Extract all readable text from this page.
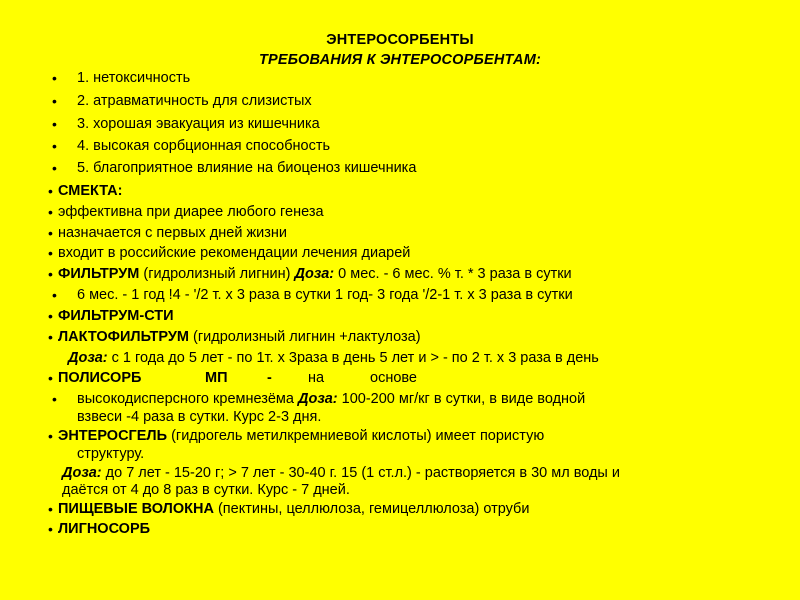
ЭНТЕРОСОРБЕНТЫ
ТРЕБОВАНИЯ К ЭНТЕРОСОРБЕНТАМ:
• 1. нетоксичность
• 2. атравматичность для слизистых
• 3. хорошая эвакуация из кишечника
• 4. высокая сорбционная способность
• 5. благоприятное влияние на биоценоз кишечника
• СМЕКТА:
• эффективна при диарее любого генеза
• назначается с первых дней жизни
• входит в российские рекомендации лечения диарей
• ФИЛЬТРУМ (гидролизный лигнин) Доза: 0 мес. - 6 мес. % т. * 3 раза в сутки
• 6 мес. - 1 год !4 - '/2 т. х 3 раза в сутки 1 год- 3 года '/2-1 т. х 3 раза в сутки
• ФИЛЬТРУМ-СТИ
• ЛАКТОФИЛЬТРУМ (гидролизный лигнин +лактулоза)
Доза: с 1 года до 5 лет - по 1т. х 3раза в день 5 лет и > - по 2 т. х 3 раза в день
• ПОЛИСОРБ	МП	- на	основе
• высокодисперсного кремнезёма Доза: 100-200 мг/кг в сутки, в виде водной
взвеси -4 раза в сутки. Курс 2-3 дня.
• ЭНТЕРОСГЕЛЬ (гидрогель метилкремниевой кислоты) имеет пористую
структуру.
Доза: до 7 лет - 15-20 г; > 7 лет - 30-40 г. 15 (1 ст.л.) - растворяется в 30 мл воды и
даётся от 4 до 8 раз в сутки. Курс - 7 дней.
• ПИЩЕВЫЕ ВОЛОКНА (пектины, целлюлоза, гемицеллюлоза) отруби
• ЛИГНОСОРБ
